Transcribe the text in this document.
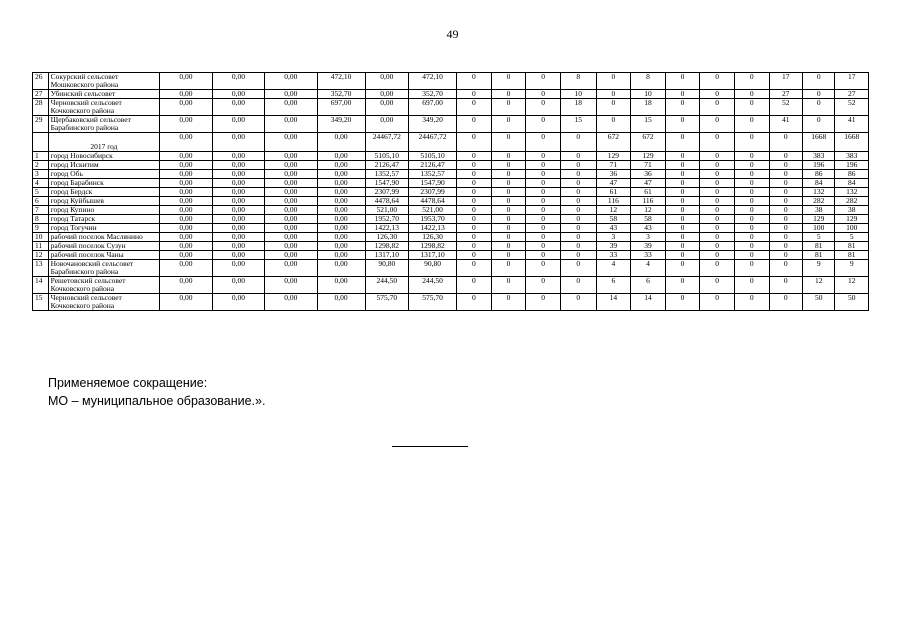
49
26	Сокурский сельсовет Мошковского района	0,00	0,00	0,00	472,10	0,00	472,10	0	0	0	8	0	8	0	0	0	17	0	17
27	Убинский сельсовет	0,00	0,00	0,00	352,70	0,00	352,70	0	0	0	10	0	10	0	0	0	27	0	27
28	Черновский сельсовет Кочковского района	0,00	0,00	0,00	697,00	0,00	697,00	0	0	0	18	0	18	0	0	0	52	0	52
29	Щербаковский сельсовет Барабинского района	0,00	0,00	0,00	349,20	0,00	349,20	0	0	0	15	0	15	0	0	0	41	0	41
	2017 год	0,00	0,00	0,00	0,00	24467,72	24467,72	0	0	0	0	672	672	0	0	0	0	1668	1668
1	город Новосибирск	0,00	0,00	0,00	0,00	5105,10	5105,10	0	0	0	0	129	129	0	0	0	0	383	383
2	город Искитим	0,00	0,00	0,00	0,00	2126,47	2126,47	0	0	0	0	71	71	0	0	0	0	196	196
3	город Обь	0,00	0,00	0,00	0,00	1352,57	1352,57	0	0	0	0	36	36	0	0	0	0	86	86
4	город Барабинск	0,00	0,00	0,00	0,00	1547,90	1547,90	0	0	0	0	47	47	0	0	0	0	84	84
5	город Бердск	0,00	0,00	0,00	0,00	2307,99	2307,99	0	0	0	0	61	61	0	0	0	0	132	132
6	город Куйбышев	0,00	0,00	0,00	0,00	4478,64	4478,64	0	0	0	0	116	116	0	0	0	0	282	282
7	город Купино	0,00	0,00	0,00	0,00	521,00	521,00	0	0	0	0	12	12	0	0	0	0	38	38
8	город Татарск	0,00	0,00	0,00	0,00	1952,70	1953,70	0	0	0	0	58	58	0	0	0	0	129	129
9	город Тогучин	0,00	0,00	0,00	0,00	1422,13	1422,13	0	0	0	0	43	43	0	0	0	0	100	100
10	рабочий поселок Маслянино	0,00	0,00	0,00	0,00	126,30	126,30	0	0	0	0	3	3	0	0	0	0	5	5
11	рабочий поселок Сузун	0,00	0,00	0,00	0,00	1298,82	1298,82	0	0	0	0	39	39	0	0	0	0	81	81
12	рабочий поселок Чаны	0,00	0,00	0,00	0,00	1317,10	1317,10	0	0	0	0	33	33	0	0	0	0	81	81
13	Новочановский сельсовет Барабинского района	0,00	0,00	0,00	0,00	90,80	90,80	0	0	0	0	4	4	0	0	0	0	9	9
14	Решетовский сельсовет Кочковского района	0,00	0,00	0,00	0,00	244,50	244,50	0	0	0	0	6	6	0	0	0	0	12	12
15	Черновский сельсовет Кочковского района	0,00	0,00	0,00	0,00	575,70	575,70	0	0	0	0	14	14	0	0	0	0	50	50
Применяемое сокращение:
МО – муниципальное образование.».
